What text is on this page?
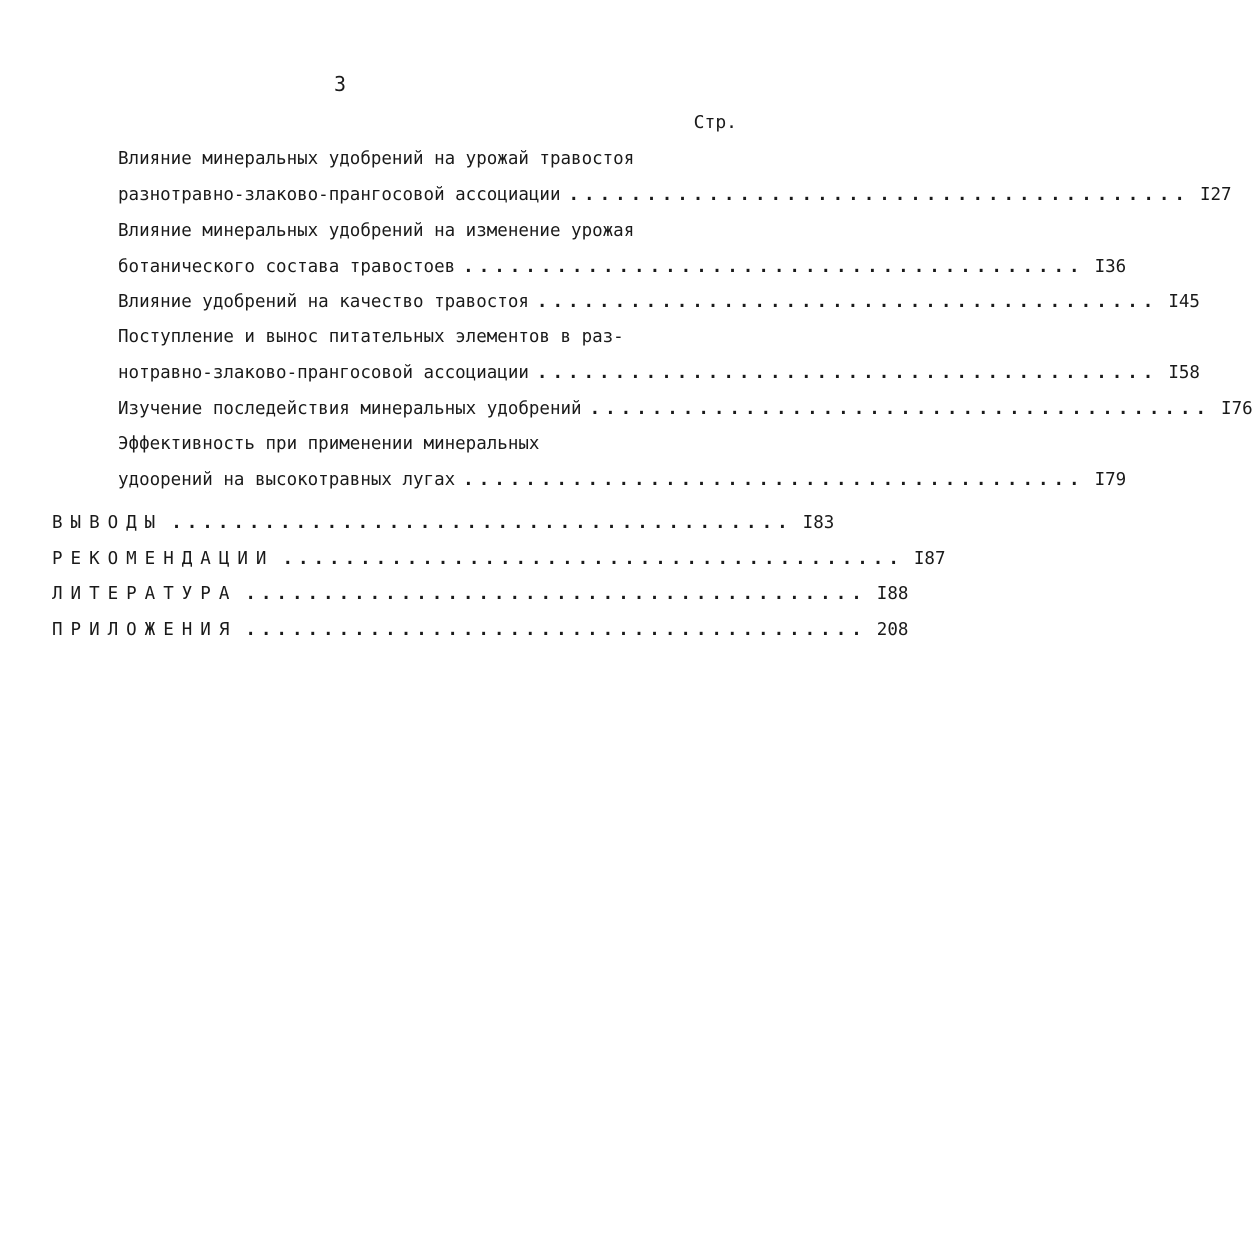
3
Стр.
Влияние минеральных удобрений на урожай травостоя
разнотравно-злаково-прангосовой ассоциации ........................................ I27
Влияние минеральных удобрений на изменение урожая
ботанического состава травостоев ........................................ I36
Влияние удобрений на качество травостоя ........................................ I45
Поступление и вынос питательных элементов в раз-
нотравно-злаково-прангосовой ассоциации ........................................ I58
Изучение последействия минеральных удобрений ........................................ I76
Эффективность при применении минеральных
удоорений на высокотравных лугах ........................................ I79
ВЫВОДЫ ........................................ I83
РЕКОМЕНДАЦИИ ........................................ I87
ЛИТЕРАТУРА ........................................ I88
ПРИЛОЖЕНИЯ ........................................ 208
